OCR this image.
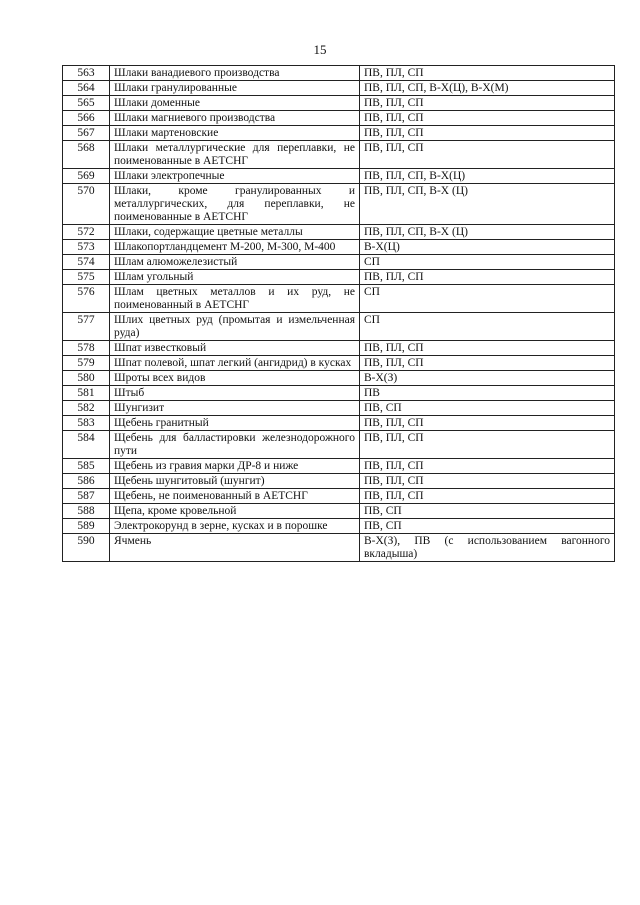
15
563	Шлаки ванадиевого производства	ПВ, ПЛ, СП
564	Шлаки гранулированные	ПВ, ПЛ, СП, В-Х(Ц), В-Х(М)
565	Шлаки доменные	ПВ, ПЛ, СП
566	Шлаки магниевого производства	ПВ, ПЛ, СП
567	Шлаки мартеновские	ПВ, ПЛ, СП
568	Шлаки металлургические для переплавки, не поименованные в АЕТСНГ	ПВ, ПЛ, СП
569	Шлаки электропечные	ПВ, ПЛ, СП, В-Х(Ц)
570	Шлаки, кроме гранулированных и металлургических, для переплавки, не поименованные в АЕТСНГ	ПВ, ПЛ, СП, В-Х (Ц)
572	Шлаки, содержащие цветные металлы	ПВ, ПЛ, СП, В-Х (Ц)
573	Шлакопортландцемент М-200, М-300, М-400	В-Х(Ц)
574	Шлам алюможелезистый	СП
575	Шлам угольный	ПВ, ПЛ, СП
576	Шлам цветных металлов и их руд, не поименованный в АЕТСНГ	СП
577	Шлих цветных руд (промытая и измельченная руда)	СП
578	Шпат известковый	ПВ, ПЛ, СП
579	Шпат полевой, шпат легкий (ангидрид) в кусках	ПВ, ПЛ, СП
580	Шроты всех видов	В-Х(З)
581	Штыб	ПВ
582	Шунгизит	ПВ, СП
583	Щебень гранитный	ПВ, ПЛ, СП
584	Щебень для балластировки железнодорожного пути	ПВ, ПЛ, СП
585	Щебень из гравия марки ДР-8 и ниже	ПВ, ПЛ, СП
586	Щебень шунгитовый (шунгит)	ПВ, ПЛ, СП
587	Щебень, не поименованный в АЕТСНГ	ПВ, ПЛ, СП
588	Щепа, кроме кровельной	ПВ, СП
589	Электрокорунд в зерне, кусках и в порошке	ПВ, СП
590	Ячмень	В-Х(З), ПВ (с использованием вагонного вкладыша)
